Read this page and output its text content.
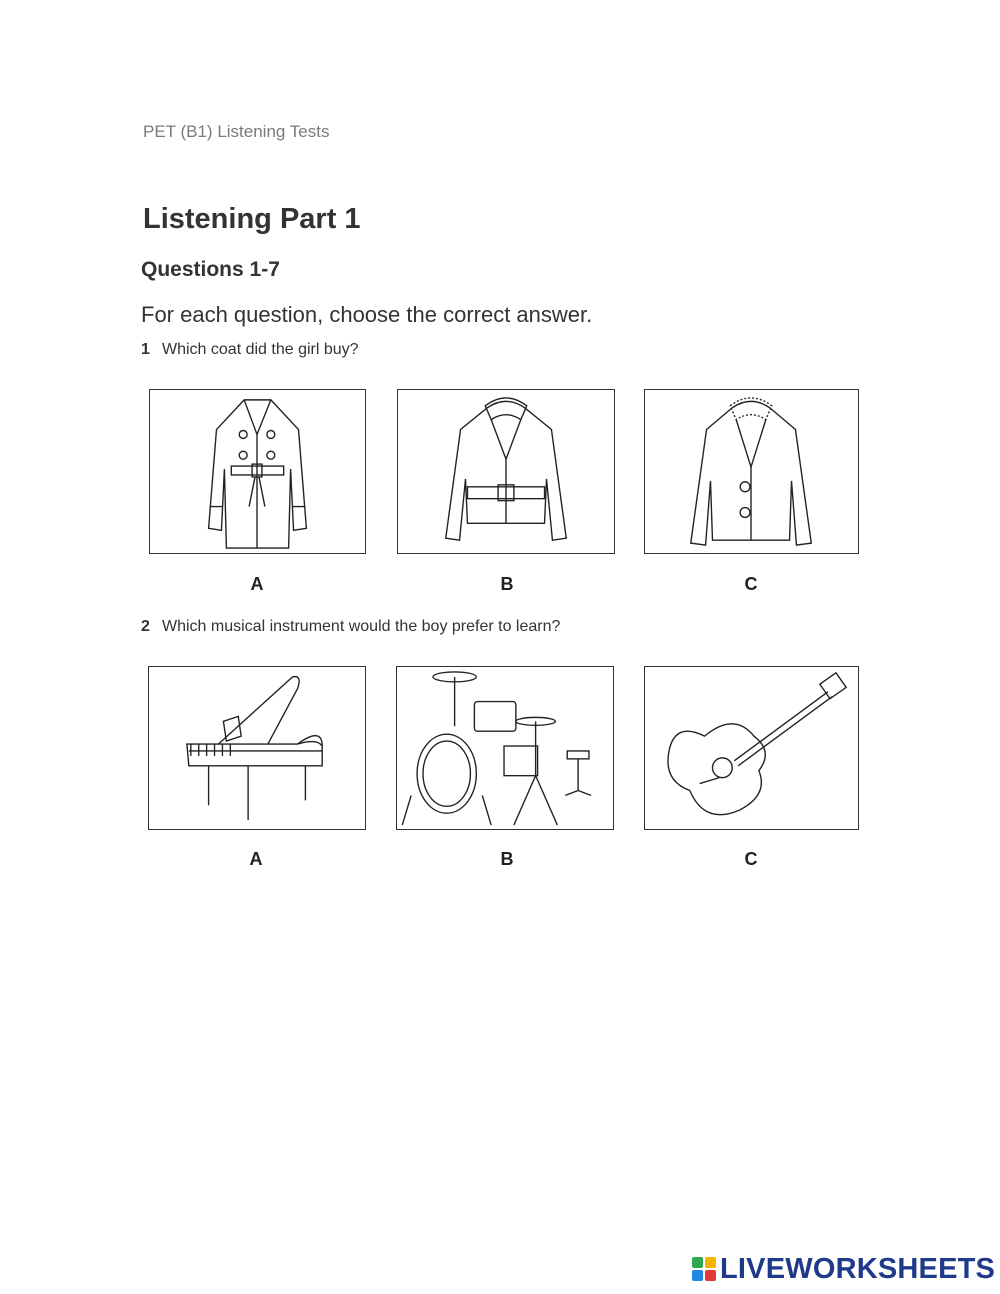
PET (B1) Listening Tests
Listening Part 1
Questions 1-7
For each question, choose the correct answer.
1 Which coat did the girl buy?
A	B	C
2 Which musical instrument would the boy prefer to learn?
A	B	C
LIVEWORKSHEETS
